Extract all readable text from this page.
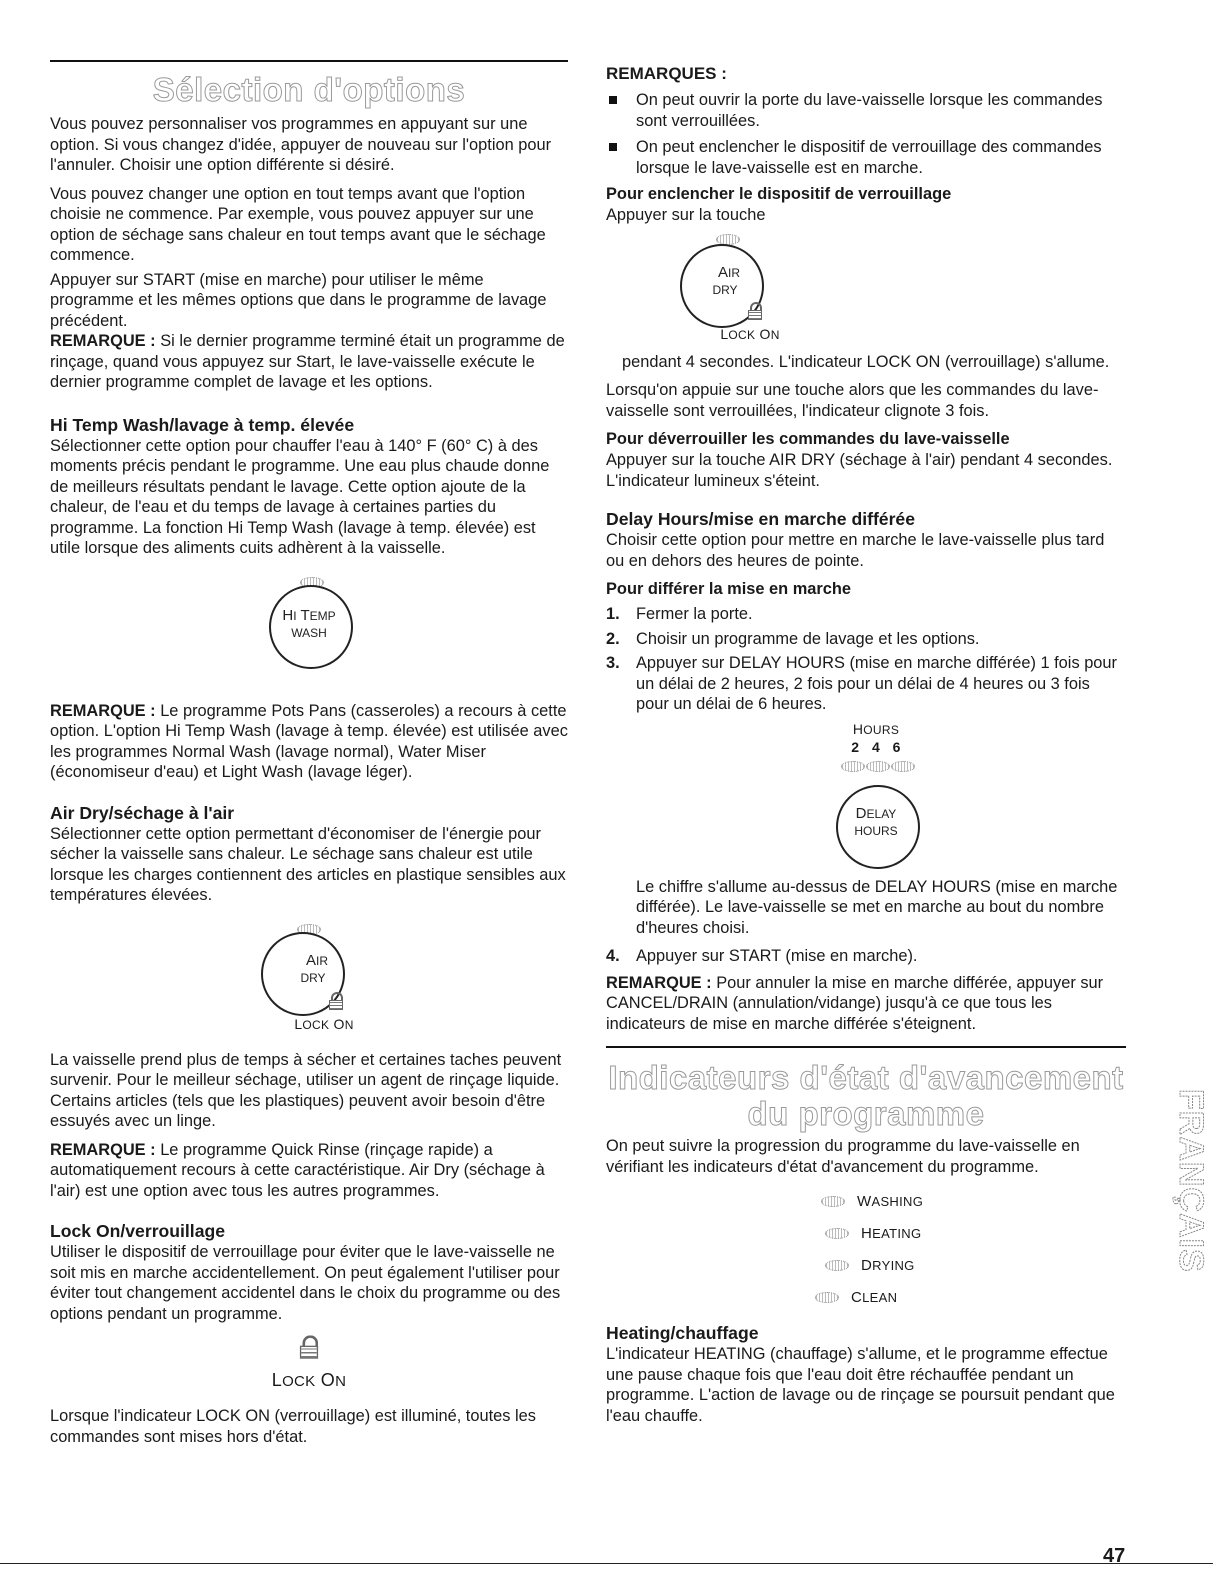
Sélection d'options

Vous pouvez personnaliser vos programmes en appuyant sur une option. Si vous changez d'idée, appuyer de nouveau sur l'option pour l'annuler. Choisir une option différente si désiré.

Vous pouvez changer une option en tout temps avant que l'option choisie ne commence. Par exemple, vous pouvez appuyer sur une option de séchage sans chaleur en tout temps avant que le séchage commence.

Appuyer sur START (mise en marche) pour utiliser le même programme et les mêmes options que dans le programme de lavage précédent.

REMARQUE : Si le dernier programme terminé était un programme de rinçage, quand vous appuyez sur Start, le lave-vaisselle exécute le dernier programme complet de lavage et les options.

Hi Temp Wash/lavage à temp. élevée

Sélectionner cette option pour chauffer l'eau à 140° F (60° C) à des moments précis pendant le programme. Une eau plus chaude donne de meilleurs résultats pendant le lavage. Cette option ajoute de la chaleur, de l'eau et du temps de lavage à certaines parties du programme. La fonction Hi Temp Wash (lavage à temp. élevée) est utile lorsque des aliments cuits adhèrent à la vaisselle.

HI TEMP
WASH

REMARQUE : Le programme Pots Pans (casseroles) a recours à cette option. L'option Hi Temp Wash (lavage à temp. élevée) est utilisée avec les programmes Normal Wash (lavage normal), Water Miser (économiseur d'eau) et Light Wash (lavage léger).

Air Dry/séchage à l'air

Sélectionner cette option permettant d'économiser de l'énergie pour sécher la vaisselle sans chaleur. Le séchage sans chaleur est utile lorsque les charges contiennent des articles en plastique sensibles aux températures élevées.

AIR
DRY
LOCK ON

La vaisselle prend plus de temps à sécher et certaines taches peuvent survenir. Pour le meilleur séchage, utiliser un agent de rinçage liquide. Certains articles (tels que les plastiques) peuvent avoir besoin d'être essuyés avec un linge.

REMARQUE : Le programme Quick Rinse (rinçage rapide) a automatiquement recours à cette caractéristique. Air Dry (séchage à l'air) est une option avec tous les autres programmes.

Lock On/verrouillage

Utiliser le dispositif de verrouillage pour éviter que le lave-vaisselle ne soit mis en marche accidentellement. On peut également l'utiliser pour éviter tout changement accidentel dans le choix du programme ou des options pendant un programme.

LOCK ON

Lorsque l'indicateur LOCK ON (verrouillage) est illuminé, toutes les commandes sont mises hors d'état.

REMARQUES :
On peut ouvrir la porte du lave-vaisselle lorsque les commandes sont verrouillées.
On peut enclencher le dispositif de verrouillage des commandes lorsque le lave-vaisselle est en marche.
Pour enclencher le dispositif de verrouillage

Appuyer sur la touche

AIR
DRY
LOCK ON

pendant 4 secondes. L'indicateur LOCK ON (verrouillage) s'allume.

Lorsqu'on appuie sur une touche alors que les commandes du lave-vaisselle sont verrouillées, l'indicateur clignote 3 fois.

Pour déverrouiller les commandes du lave-vaisselle

Appuyer sur la touche AIR DRY (séchage à l'air) pendant 4 secondes. L'indicateur lumineux s'éteint.

Delay Hours/mise en marche différée

Choisir cette option pour mettre en marche le lave-vaisselle plus tard ou en dehors des heures de pointe.

Pour différer la mise en marche
1. Fermer la porte.
2. Choisir un programme de lavage et les options.
3. Appuyer sur DELAY HOURS (mise en marche différée) 1 fois pour un délai de 2 heures, 2 fois pour un délai de 4 heures ou 3 fois pour un délai de 6 heures.
HOURS
2   4   6
DELAY
HOURS

Le chiffre s'allume au-dessus de DELAY HOURS (mise en marche différée). Le lave-vaisselle se met en marche au bout du nombre d'heures choisi.

4. Appuyer sur START (mise en marche).

REMARQUE : Pour annuler la mise en marche différée, appuyer sur CANCEL/DRAIN (annulation/vidange) jusqu'à ce que tous les indicateurs de mise en marche différée s'éteignent.

Indicateurs d'état d'avancement
du programme

On peut suivre la progression du programme du lave-vaisselle en vérifiant les indicateurs d'état d'avancement du programme.

WASHING
HEATING
DRYING
CLEAN
Heating/chauffage

L'indicateur HEATING (chauffage) s'allume, et le programme effectue une pause chaque fois que l'eau doit être réchauffée pendant un programme. L'action de lavage ou de rinçage se poursuit pendant que l'eau chauffe.

FRANÇAIS
47
